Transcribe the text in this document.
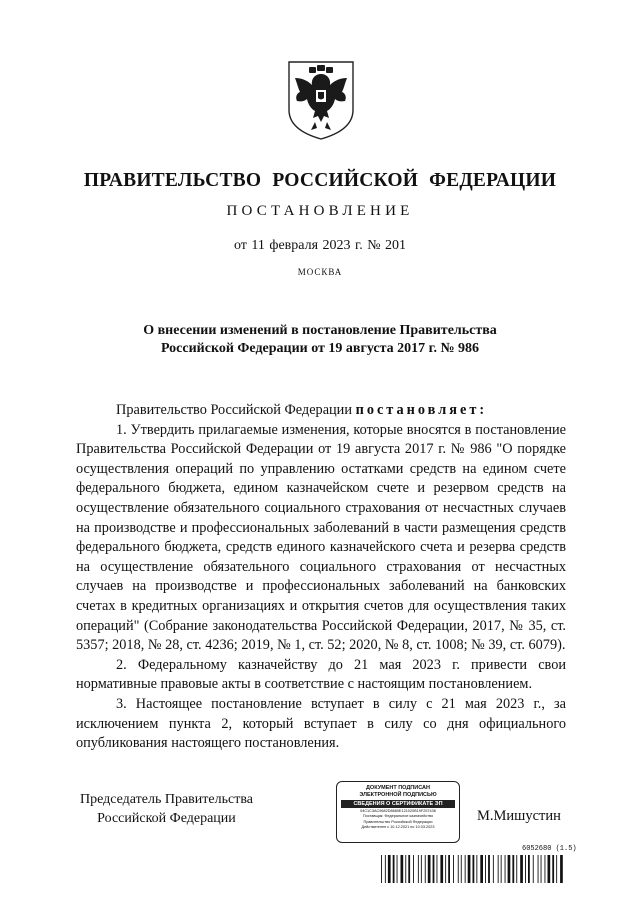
ПРАВИТЕЛЬСТВО РОССИЙСКОЙ ФЕДЕРАЦИИ
ПОСТАНОВЛЕНИЕ
от 11 февраля 2023 г. № 201
МОСКВА
О внесении изменений в постановление Правительства
Российской Федерации от 19 августа 2017 г. № 986

Правительство Российской Федерации постановляет:

1. Утвердить прилагаемые изменения, которые вносятся в постановление Правительства Российской Федерации от 19 августа 2017 г. № 986 "О порядке осуществления операций по управлению остатками средств на едином счете федерального бюджета, едином казначейском счете и резервом средств на осуществление обязательного социального страхования от несчастных случаев на производстве и профессиональных заболеваний в части размещения средств федерального бюджета, средств единого казначейского счета и резерва средств на осуществление обязательного социального страхования от несчастных случаев на производстве и профессиональных заболеваний на банковских счетах в кредитных организациях и открытия счетов для осуществления таких операций" (Собрание законодательства Российской Федерации, 2017, № 35, ст. 5357; 2018, № 28, ст. 4236; 2019, № 1, ст. 52; 2020, № 8, ст. 1008; № 39, ст. 6079).

2. Федеральному казначейству до 21 мая 2023 г. привести свои нормативные правовые акты в соответствие с настоящим постановлением.

3. Настоящее постановление вступает в силу с 21 мая 2023 г., за исключением пункта 2, который вступает в силу со дня официального опубликования настоящего постановления.

Председатель Правительства
Российской Федерации
ДОКУМЕНТ ПОДПИСАН
ЭЛЕКТРОННОЙ ПОДПИСЬЮ
СВЕДЕНИЯ О СЕРТИФИКАТЕ ЭП
04C1C3AC9682D8680E121020B19F257436
Поставщик: Федеральное казначейство
Правительство Российской Федерации
Действителен с 10.12.2021 по 10.03.2023
М.Мишустин
6052680 (1.5)
